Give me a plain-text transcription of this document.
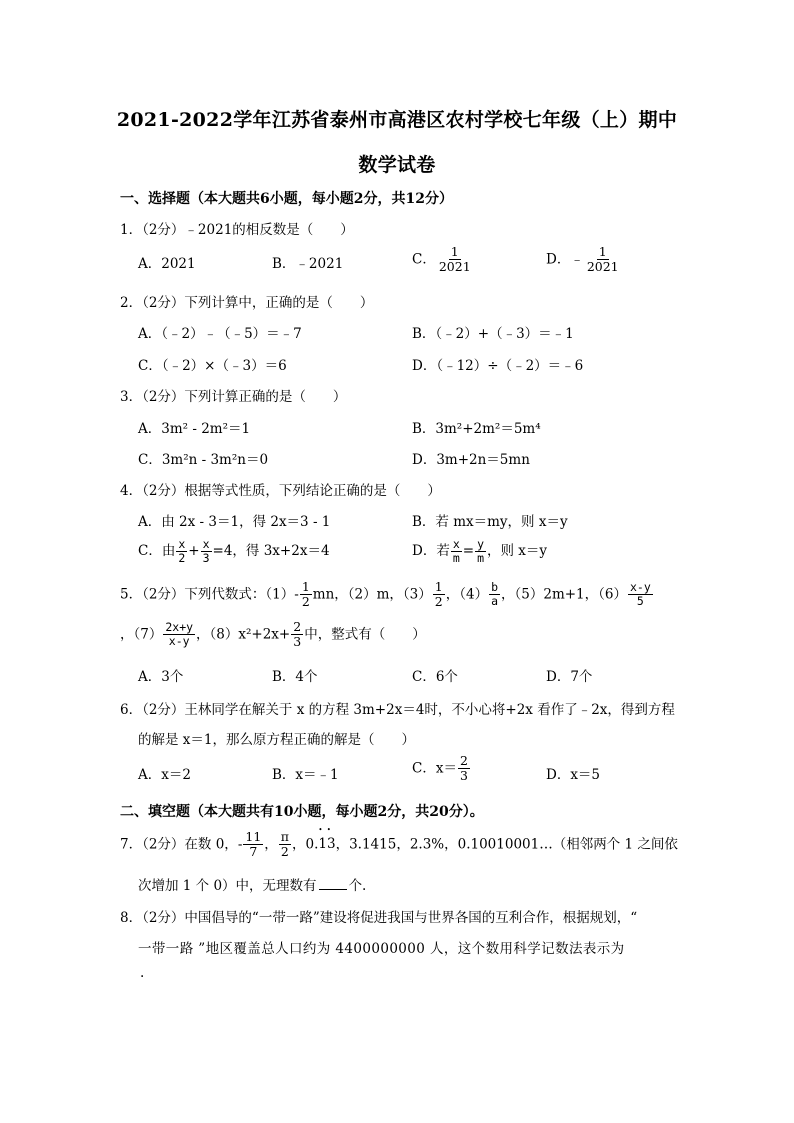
2021-2022学年江苏省泰州市高港区农村学校七年级（上）期中
数学试卷
一、选择题（本大题共6小题，每小题2分，共12分）
1．（2分）﹣2021的相反数是（　　）
A．2021	B．﹣2021	C． $\frac{1}{2021}$	D．﹣ $\frac{1}{2021}$
2．（2分）下列计算中，正确的是（　　）
A．（﹣2）﹣（﹣5）＝﹣7	B．（﹣2）+（﹣3）＝﹣1
C．（﹣2）×（﹣3）＝6	D．（﹣12）÷（﹣2）＝﹣6
3．（2分）下列计算正确的是（　　）
A．3m² - 2m²＝1	B．3m²+2m²＝5m⁴
C．3m²n - 3m²n＝0	D．3m+2n＝5mn
4．（2分）根据等式性质，下列结论正确的是（　　）
A．由 2x - 3＝1，得 2x＝3 - 1	B．若 mx＝my，则 x＝y
C．由 $\frac{x}{2} + \frac{x}{3} =4$，得 3x+2x＝4	D．若 $\frac{x}{m} = \frac{y}{m}$ ，则 x＝y
5．（2分）下列代数式：$(1)- \frac{1}{2}$ mn，（2）m，$(3) \frac{1}{2}$ ，$(4) \frac{b}{a}$ ，（5）2m+1，$(6) \frac{x-y}{5}$
，$(7) \frac{2x+y}{x-y}$ ，$(8)x^2+2x+ \frac{2}{3}$ 中，整式有（　　）
A．3个	B．4个	C．6个	D．7个
6．（2分）王林同学在解关于 x 的方程 3m+2x＝4时，不小心将+2x 看作了﹣2x，得到方程
的解是 x＝1，那么原方程正确的解是（　　）
A．x＝2	B．x＝﹣1	C．$x= \frac{2}{3}$	D．x＝5
二、填空题（本大题共有10小题，每小题2分，共20分）。
7．（2分）在数 0，- $\frac{11}{7}$ ， $\frac{\pi}{2}$ ，0.• • 13，3.1415，2.3%，0.10010001…（相邻两个 1 之间依
次增加 1 个 0）中，无理数有 个.
8．（2分）中国倡导的“一带一路”建设将促进我国与世界各国的互利合作，根据规划，“
一带一路 ”地区覆盖总人口约为 4400000000 人，这个数用科学记数法表示为
.
